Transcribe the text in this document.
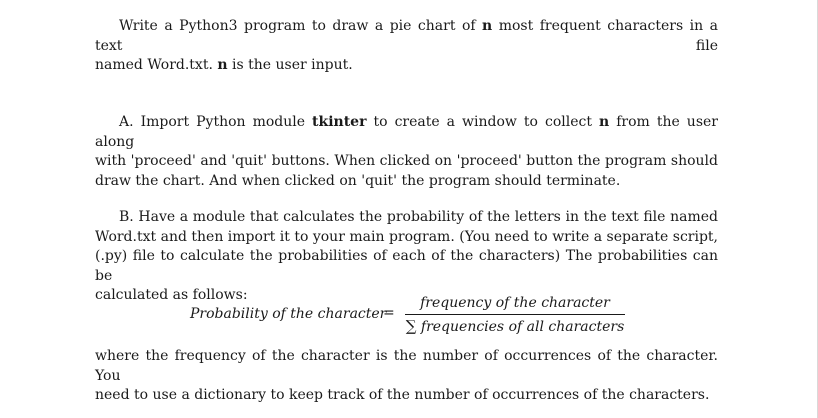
Write a Python3 program to draw a pie chart of n most frequent characters in a text file
named Word.txt. n is the user input.
A. Import Python module tkinter to create a window to collect n from the user along
with 'proceed' and 'quit' buttons. When clicked on 'proceed' button the program should
draw the chart. And when clicked on 'quit' the program should terminate.
B. Have a module that calculates the probability of the letters in the text file named
Word.txt and then import it to your main program. (You need to write a separate script,
(.py) file to calculate the probabilities of each of the characters) The probabilities can be
calculated as follows:
Probability of the character
=
frequency of the character
∑ frequencies of all characters
where the frequency of the character is the number of occurrences of the character. You
need to use a dictionary to keep track of the number of occurrences of the characters.
